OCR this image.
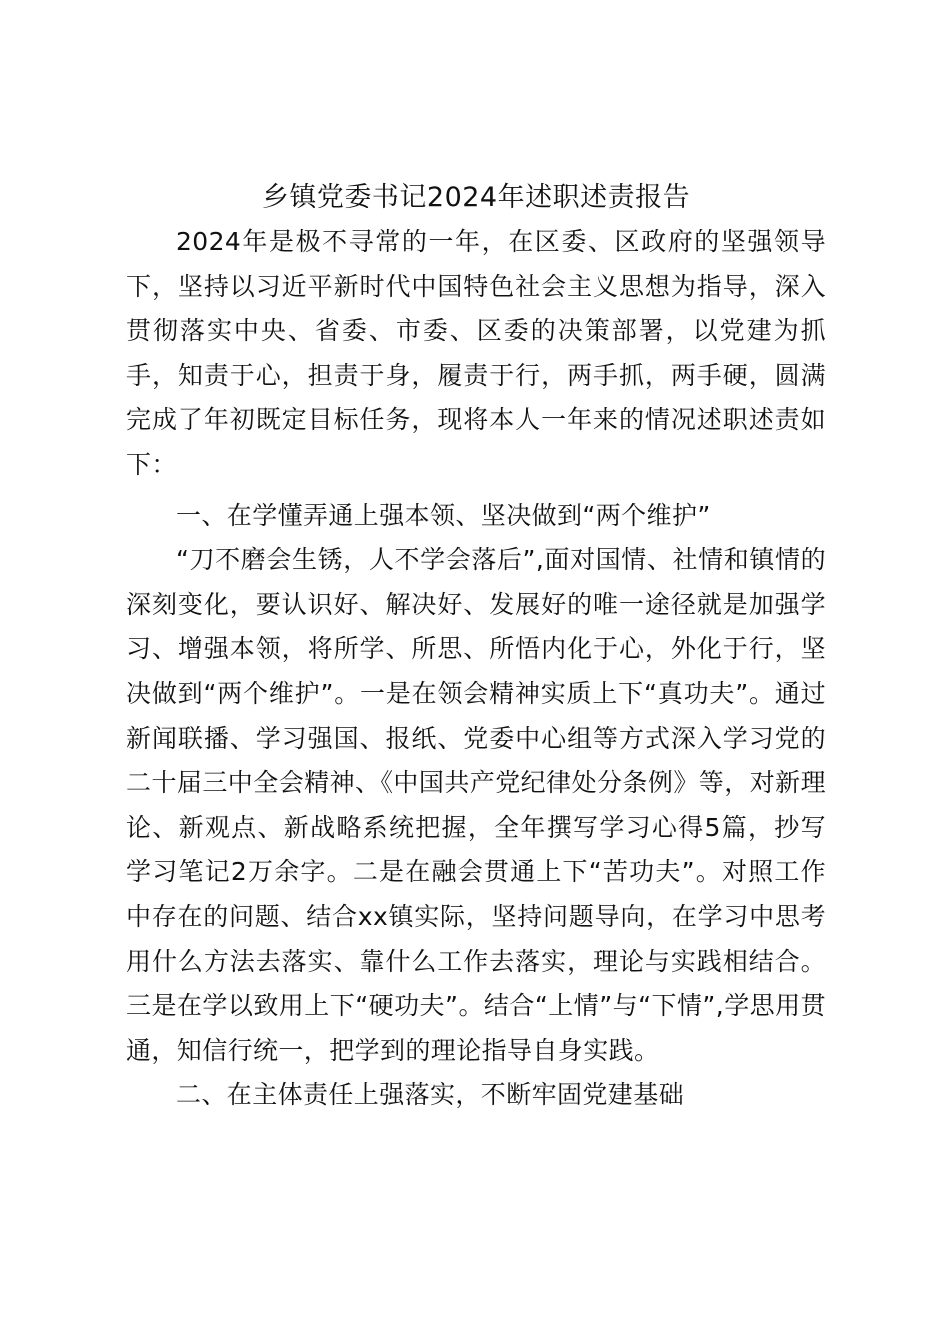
乡镇党委书记2024年述职述责报告

2024年是极不寻常的一年，在区委、区政府的坚强领导下，坚持以习近平新时代中国特色社会主义思想为指导，深入贯彻落实中央、省委、市委、区委的决策部署，以党建为抓手，知责于心，担责于身，履责于行，两手抓，两手硬，圆满完成了年初既定目标任务，现将本人一年来的情况述职述责如下：

一、在学懂弄通上强本领、坚决做到“两个维护”

“刀不磨会生锈，人不学会落后”,面对国情、社情和镇情的深刻变化，要认识好、解决好、发展好的唯一途径就是加强学习、增强本领，将所学、所思、所悟内化于心，外化于行，坚决做到“两个维护”。一是在领会精神实质上下“真功夫”。通过新闻联播、学习强国、报纸、党委中心组等方式深入学习党的二十届三中全会精神、《中国共产党纪律处分条例》等，对新理论、新观点、新战略系统把握，全年撰写学习心得5篇，抄写学习笔记2万余字。二是在融会贯通上下“苦功夫”。对照工作中存在的问题、结合xx镇实际，坚持问题导向，在学习中思考用什么方法去落实、靠什么工作去落实，理论与实践相结合。三是在学以致用上下“硬功夫”。结合“上情”与“下情”,学思用贯通，知信行统一，把学到的理论指导自身实践。

二、在主体责任上强落实，不断牢固党建基础
